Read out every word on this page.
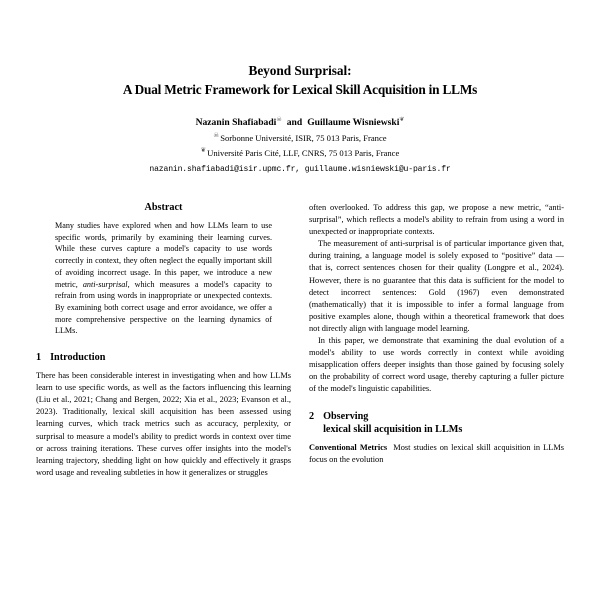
Beyond Surprisal:
A Dual Metric Framework for Lexical Skill Acquisition in LLMs
Nazanin Shafiabadi☠ and Guillaume Wisniewski❦
☠Sorbonne Université, ISIR, 75 013 Paris, France
❦Université Paris Cité, LLF, CNRS, 75 013 Paris, France
nazanin.shafiabadi@isir.upmc.fr, guillaume.wisniewski@u-paris.fr
Abstract

Many studies have explored when and how LLMs learn to use specific words, primarily by examining their learning curves. While these curves capture a model's capacity to use words correctly in context, they often neglect the equally important skill of avoiding incorrect usage. In this paper, we introduce a new metric, anti-surprisal, which measures a model's capacity to refrain from using words in inappropriate or unexpected contexts. By examining both correct usage and error avoidance, we offer a more comprehensive perspective on the learning dynamics of LLMs.

1 Introduction

There has been considerable interest in investigating when and how LLMs learn to use specific words, as well as the factors influencing this learning (Liu et al., 2021; Chang and Bergen, 2022; Xia et al., 2023; Evanson et al., 2023). Traditionally, lexical skill acquisition has been assessed using learning curves, which track metrics such as accuracy, perplexity, or surprisal to measure a model's ability to predict words in context over time or across training iterations. These curves offer insights into the model's learning trajectory, shedding light on how quickly and effectively it grasps word usage and revealing subtleties in how it generalizes or struggles

often overlooked. To address this gap, we propose a new metric, “anti-surprisal”, which reflects a model's ability to refrain from using a word in unexpected or inappropriate contexts.

The measurement of anti-surprisal is of particular importance given that, during training, a language model is solely exposed to “positive” data — that is, correct sentences chosen for their quality (Longpre et al., 2024). However, there is no guarantee that this data is sufficient for the model to detect incorrect sentences: Gold (1967) even demonstrated (mathematically) that it is impossible to infer a formal language from positive examples alone, though within a theoretical framework that does not directly align with language model learning.

In this paper, we demonstrate that examining the dual evolution of a model's ability to use words correctly in context while avoiding misapplication offers deeper insights than those gained by focusing solely on the probability of correct word usage, thereby capturing a fuller picture of the model's linguistic capabilities.

2 Observing
lexical skill acquisition in LLMs

Conventional Metrics Most studies on lexical skill acquisition in LLMs focus on the evolution
